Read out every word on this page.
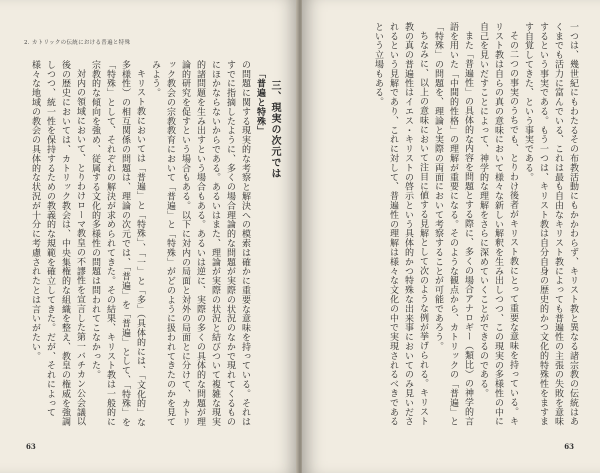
2. カトリックの伝統における普遍と特殊
三、現実の次元では
「普遍と特殊」

の問題に関する現実的な考察と解決への模索は確かに重要な意味を持っている。それはすでに指摘したように、多くの場合理論的な問題が実際の状況のなかで現れてくるものにほかならないからである。あるいはまた、理論が実際の状況と結びついて複雑な現実的諸問題を生み出すという場合もある。あるいは逆に、実際の多くの具体的な問題が理論的研究を促すという場合もある。以下に対内の局面と対外の局面とに分けて、カトリック教会の宗教教育において「普遍」と「特殊」がどのように扱われてきたのかを見てみよう。

キリスト教においては「普遍」と「特殊」、「一」と「多」（具体的には、「文化的」な多様性）の相互関係の問題は、理論の次元では、「普遍」を「普遍」として、「特殊」を「特殊」として、それぞれの解決が求められてきた。その結果、キリスト教は一般的に宗教的な傾向を強め、従属する文化的多様性の問題は問われてこなかった。

対内の領域において、とりわけローマ教皇の不謬性を宣言した第一バチカン公会議以後の歴史においては、カトリック教会は、中央集権的な組織を整え、教皇の権威を強調しつつ、統一性を保持するための教義的な規範を確立してきた。だが、それによって様々な地域の教会の具体的な状況が十分に考慮されたとは言いがたい。

63

一つは、幾世紀にもわたるその布教活動にもかかわらず、キリスト教と異なる諸宗教の伝統はあくまでも活力に富んでいる、これは最も自由なキリスト教によっても普遍性の主張の失敗を意味するという事実である。もう一つは、キリスト教は自分自身の歴史的かつ文化的特殊性をますます自覚してきた、という事実である。

その二つの事実のうちでも、とりわけ後者がキリスト教にとって重要な意味を持っている。キリスト教は自らの真の意味において様々な新しい解釈を生み出しつつ、この現実の多様性の中に自己を見いだすことによって、神学的な理解をさらに深めていくことができるのである。

また「普遍性」の具体的な内容を問題とする際に、多くの場合アナロギー（類比）の神学的言語を用いた「中間的性格」の理解が重要になる。そのような観点から、カトリックの「普遍」と「特殊」の問題を、理論と実際の両面において考察することが可能であろう。

ちなみに、以上の意味において注目に値する見解として次のような例が挙げられる。キリスト教の真の普遍性はイエス・キリストの啓示という具体的かつ特殊な出来事においてのみ見いだされるという見解であり、これに対して、普遍性の理解は様々な文化の中で実現されるべきであるという立場もある。

63
